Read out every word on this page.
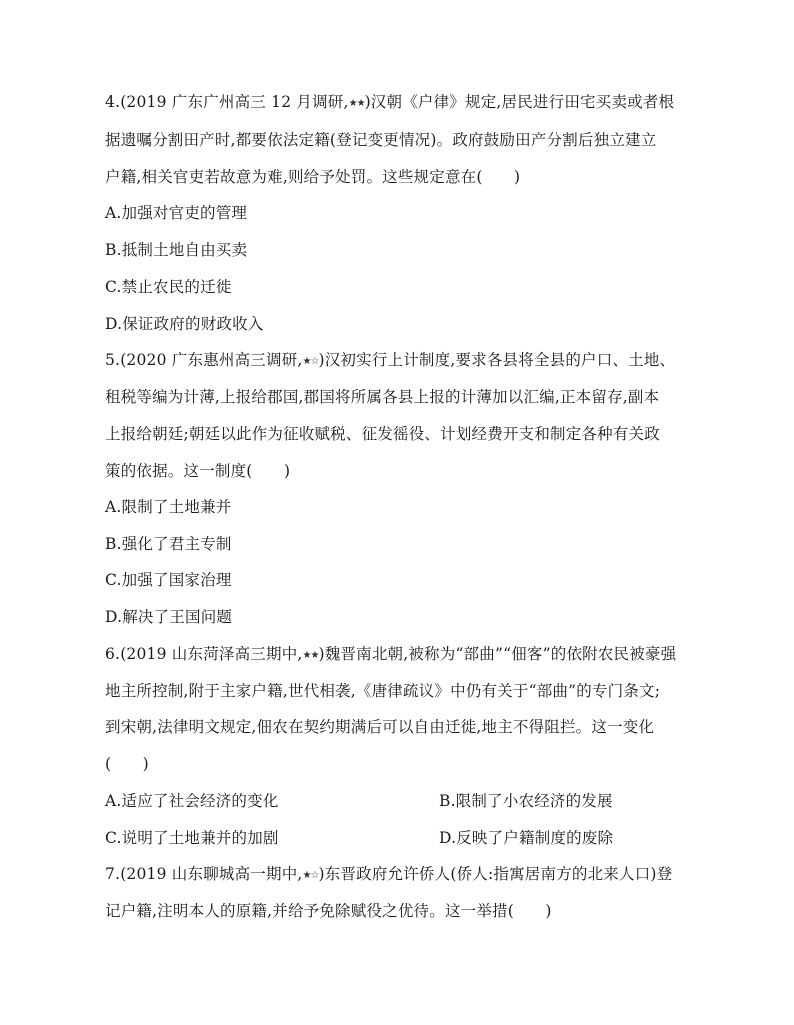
4.(2019 广东广州高三 12 月调研,★★)汉朝《户律》规定,居民进行田宅买卖或者根
据遗嘱分割田产时,都要依法定籍(登记变更情况)。政府鼓励田产分割后独立建立
户籍,相关官吏若故意为难,则给予处罚。这些规定意在(　　)
A.加强对官吏的管理
B.抵制土地自由买卖
C.禁止农民的迁徙
D.保证政府的财政收入
5.(2020 广东惠州高三调研,★☆)汉初实行上计制度,要求各县将全县的户口、土地、
租税等编为计薄,上报给郡国,郡国将所属各县上报的计薄加以汇编,正本留存,副本
上报给朝廷;朝廷以此作为征收赋税、征发徭役、计划经费开支和制定各种有关政
策的依据。这一制度(　　)
A.限制了土地兼并
B.强化了君主专制
C.加强了国家治理
D.解决了王国问题
6.(2019 山东菏泽高三期中,★★)魏晋南北朝,被称为“部曲”“佃客”的依附农民被豪强
地主所控制,附于主家户籍,世代相袭,《唐律疏议》中仍有关于“部曲”的专门条文;
到宋朝,法律明文规定,佃农在契约期满后可以自由迁徙,地主不得阻拦。这一变化
(　　)
A.适应了社会经济的变化	B.限制了小农经济的发展
C.说明了土地兼并的加剧	D.反映了户籍制度的废除
7.(2019 山东聊城高一期中,★☆)东晋政府允许侨人(侨人:指寓居南方的北来人口)登
记户籍,注明本人的原籍,并给予免除赋役之优待。这一举措(　　)
